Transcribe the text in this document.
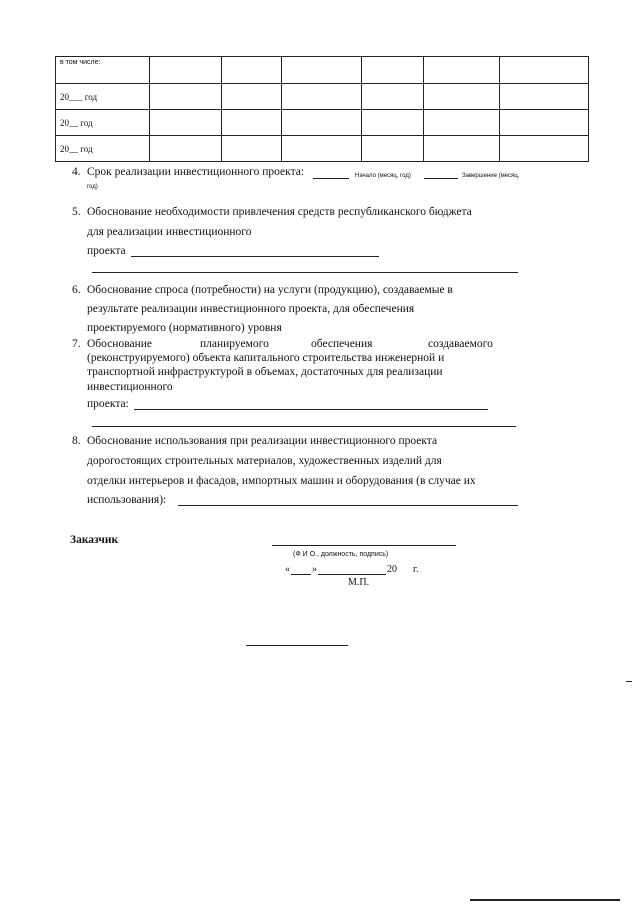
в том числе:						
20___ год						
20__ год						
20__ год						
4. Срок реализации инвестиционного проекта:	Начало (месяц, год)	Завершение (месяц,
год)
5. Обоснование необходимости привлечения средств республиканского бюджета
для реализации инвестиционного
проекта
6. Обоснование спроса (потребности) на услуги (продукцию), создаваемые в
результате реализации инвестиционного проекта, для обеспечения
проектируемого (нормативного) уровня
7. Обоснование	планируемого	обеспечения	создаваемого
(реконструируемого) объекта капитального строительства инженерной и
транспортной инфраструктурой в объемах, достаточных для реализации
инвестиционного
проекта:
8. Обоснование использования при реализации инвестиционного проекта
дорогостоящих строительных материалов, художественных изделий для
отделки интерьеров и фасадов, импортных машин и оборудования (в случае их
использования):
Заказчик
(Ф И О., должность, подпись)
« »	20 г.
М.П.
